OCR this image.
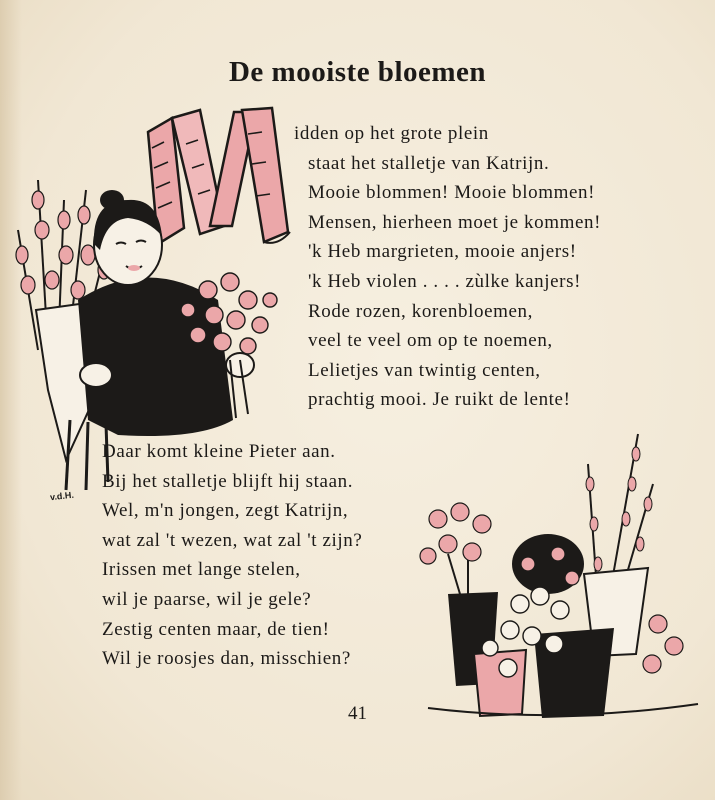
De mooiste bloemen
idden op het grote plein
staat het stalletje van Katrijn.
Mooie blommen! Mooie blommen!
Mensen, hierheen moet je kommen!
'k Heb margrieten, mooie anjers!
'k Heb violen . . . . zùlke kanjers!
Rode rozen, korenbloemen,
veel te veel om op te noemen,
Lelietjes van twintig centen,
prachtig mooi. Je ruikt de lente!
v.d.H.
Daar komt kleine Pieter aan.
Bij het stalletje blijft hij staan.
Wel, m'n jongen, zegt Katrijn,
wat zal 't wezen, wat zal 't zijn?
Irissen met lange stelen,
wil je paarse, wil je gele?
Zestig centen maar, de tien!
Wil je roosjes dan, misschien?
41
